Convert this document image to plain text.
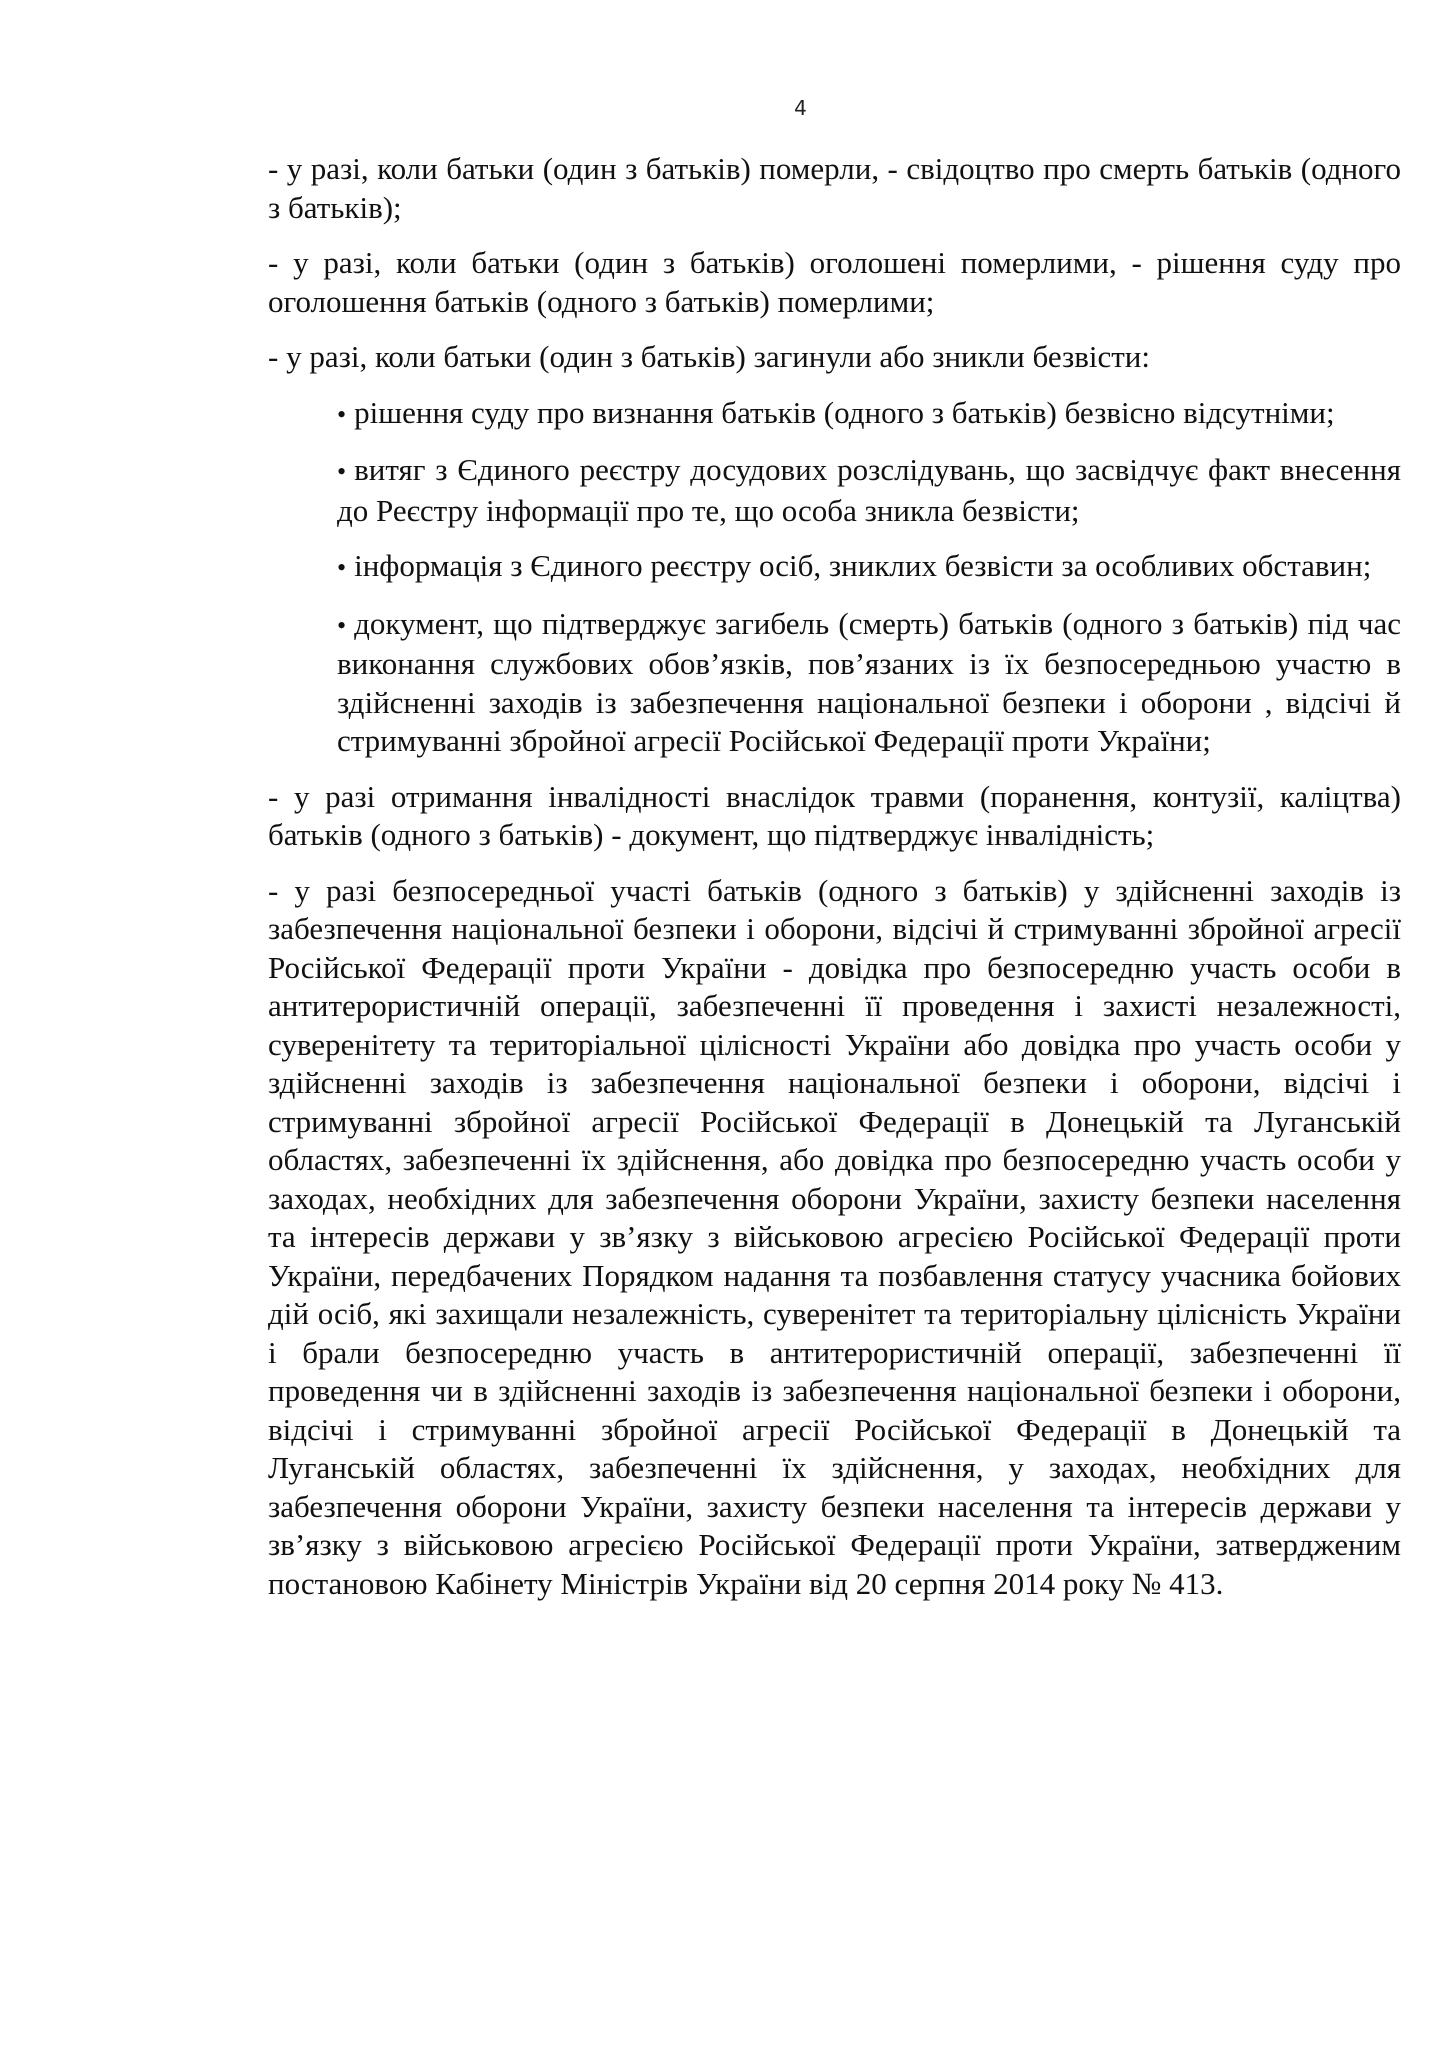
4

- у разі, коли батьки (один з батьків) померли, - свідоцтво про смерть батьків (одного з батьків);

- у разі, коли батьки (один з батьків) оголошені померлими, - рішення суду про оголошення батьків (одного з батьків) померлими;

- у разі, коли батьки (один з батьків) загинули або зникли безвісти:

• рішення суду про визнання батьків (одного з батьків) безвісно відсутніми;
• витяг з Єдиного реєстру досудових розслідувань, що засвідчує факт внесення до Реєстру інформації про те, що особа зникла безвісти;
• інформація з Єдиного реєстру осіб, зниклих безвісти за особливих обставин;
• документ, що підтверджує загибель (смерть) батьків (одного з батьків) під час виконання службових обов’язків, пов’язаних із їх безпосередньою участю в здійсненні заходів із забезпечення національної безпеки і оборони , відсічі й стримуванні збройної агресії Російської Федерації проти України;

- у разі отримання інвалідності внаслідок травми (поранення, контузії, каліцтва) батьків (одного з батьків) - документ, що підтверджує інвалідність;

- у разі безпосередньої участі батьків (одного з батьків) у здійсненні заходів із забезпечення національної безпеки і оборони, відсічі й стримуванні збройної агресії Російської Федерації проти України - довідка про безпосередню участь особи в антитерористичній операції, забезпеченні її проведення і захисті незалежності, суверенітету та територіальної цілісності України або довідка про участь особи у здійсненні заходів із забезпечення національної безпеки і оборони, відсічі і стримуванні збройної агресії Російської Федерації в Донецькій та Луганській областях, забезпеченні їх здійснення, або довідка про безпосередню участь особи у заходах, необхідних для забезпечення оборони України, захисту безпеки населення та інтересів держави у зв’язку з військовою агресією Російської Федерації проти України, передбачених Порядком надання та позбавлення статусу учасника бойових дій осіб, які захищали незалежність, суверенітет та територіальну цілісність України і брали безпосередню участь в антитерористичній операції, забезпеченні її проведення чи в здійсненні заходів із забезпечення національної безпеки і оборони, відсічі і стримуванні збройної агресії Російської Федерації в Донецькій та Луганській областях, забезпеченні їх здійснення, у заходах, необхідних для забезпечення оборони України, захисту безпеки населення та інтересів держави у зв’язку з військовою агресією Російської Федерації проти України, затвердженим постановою Кабінету Міністрів України від 20 серпня 2014 року № 413.
